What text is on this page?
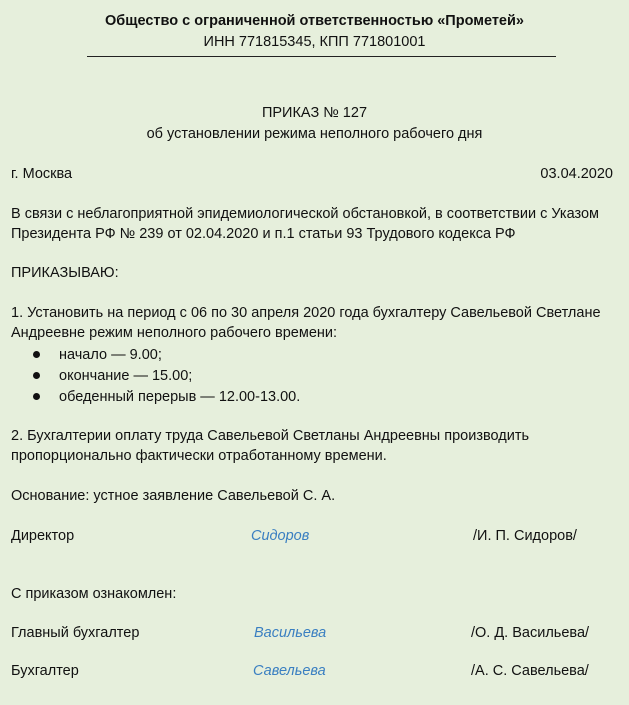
Общество с ограниченной ответственностью «Прометей»
ИНН 771815345, КПП 771801001
ПРИКАЗ № 127
об установлении режима неполного рабочего дня
г. Москва	03.04.2020
В связи с неблагоприятной эпидемиологической обстановкой, в соответствии с Указом
Президента РФ № 239 от 02.04.2020 и п.1 статьи 93 Трудового кодекса РФ
ПРИКАЗЫВАЮ:
1. Установить на период с 06 по 30 апреля 2020 года бухгалтеру Савельевой Светлане
Андреевне режим неполного рабочего времени:
начало — 9.00;
окончание — 15.00;
обеденный перерыв — 12.00-13.00.
2. Бухгалтерии оплату труда Савельевой Светланы Андреевны производить
пропорционально фактически отработанному времени.
Основание: устное заявление Савельевой С. А.
Директор	Сидоров	/И. П. Сидоров/
С приказом ознакомлен:
Главный бухгалтер	Васильева	/О. Д. Васильева/
Бухгалтер	Савельева	/А. С. Савельева/
